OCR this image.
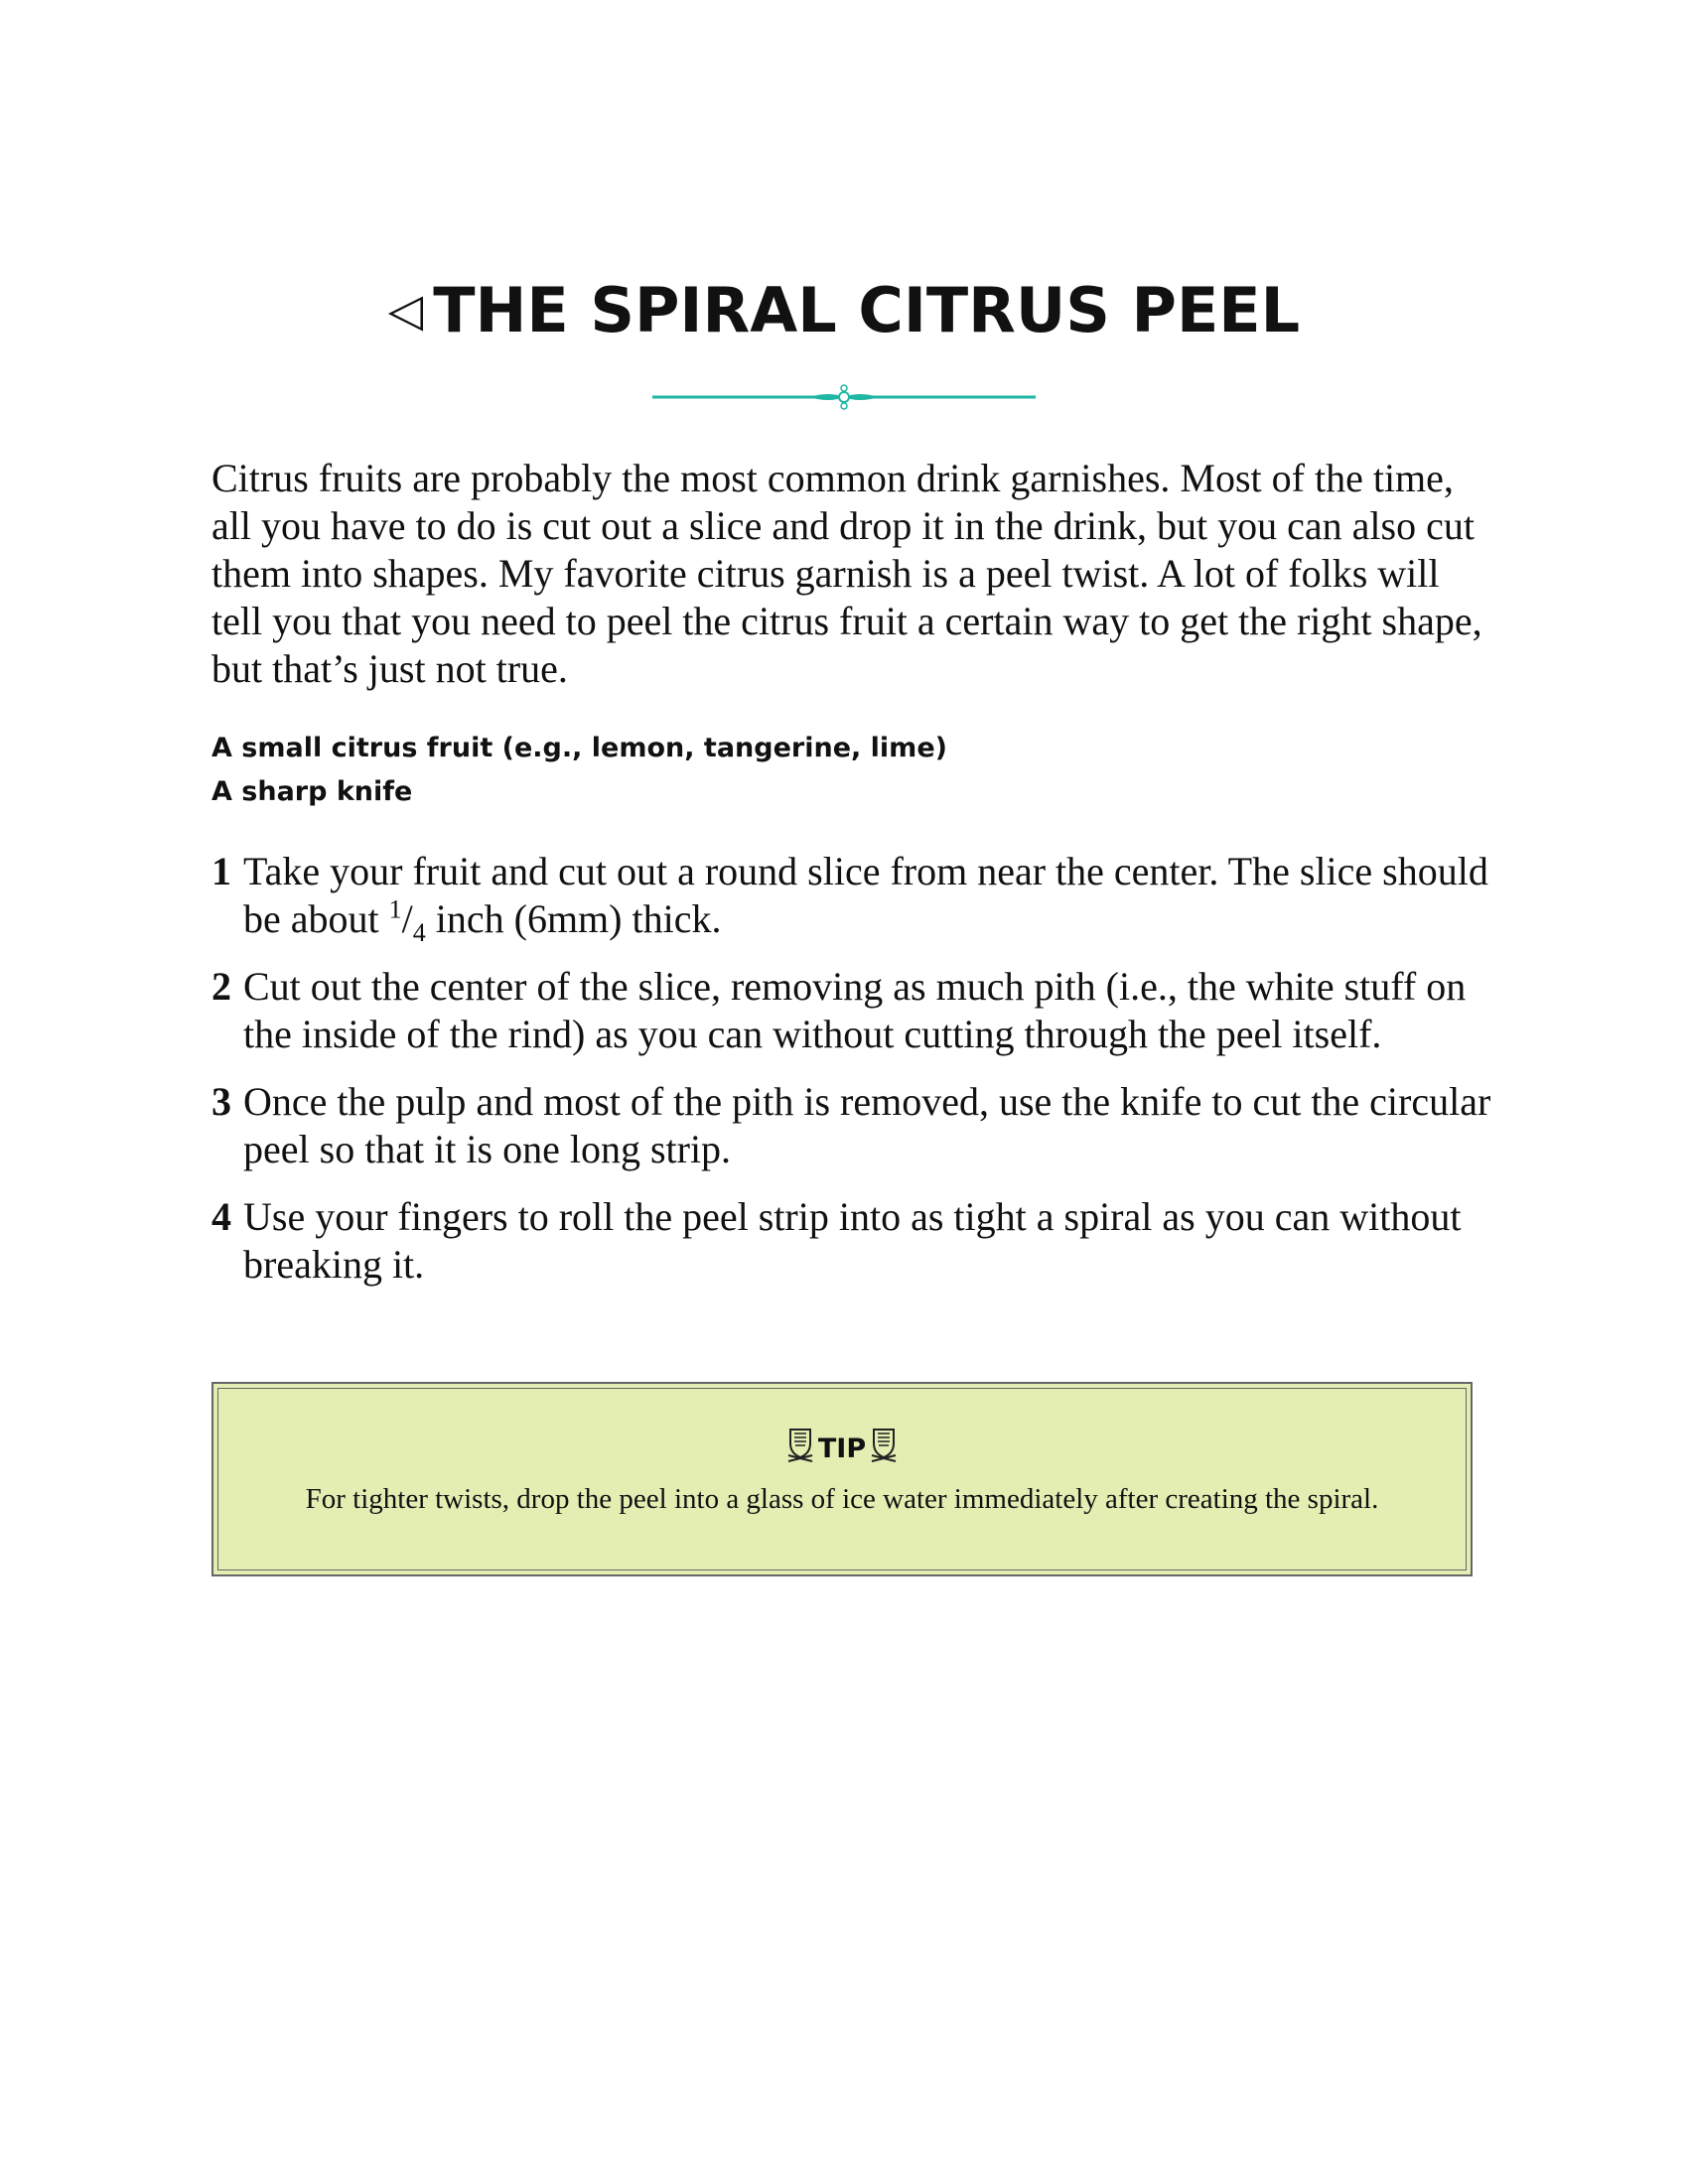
◁ THE SPIRAL CITRUS PEEL

Citrus fruits are probably the most common drink garnishes. Most of the time, all you have to do is cut out a slice and drop it in the drink, but you can also cut them into shapes. My favorite citrus garnish is a peel twist. A lot of folks will tell you that you need to peel the citrus fruit a certain way to get the right shape, but that’s just not true.

A small citrus fruit (e.g., lemon, tangerine, lime)
A sharp knife
1 Take your fruit and cut out a round slice from near the center. The slice should be about $^1/_4$ inch (6mm) thick.
2 Cut out the center of the slice, removing as much pith (i.e., the white stuff on the inside of the rind) as you can without cutting through the peel itself.
3 Once the pulp and most of the pith is removed, use the knife to cut the circular peel so that it is one long strip.
4 Use your fingers to roll the peel strip into as tight a spiral as you can without breaking it.
TIP
For tighter twists, drop the peel into a glass of ice water immediately after creating the spiral.
